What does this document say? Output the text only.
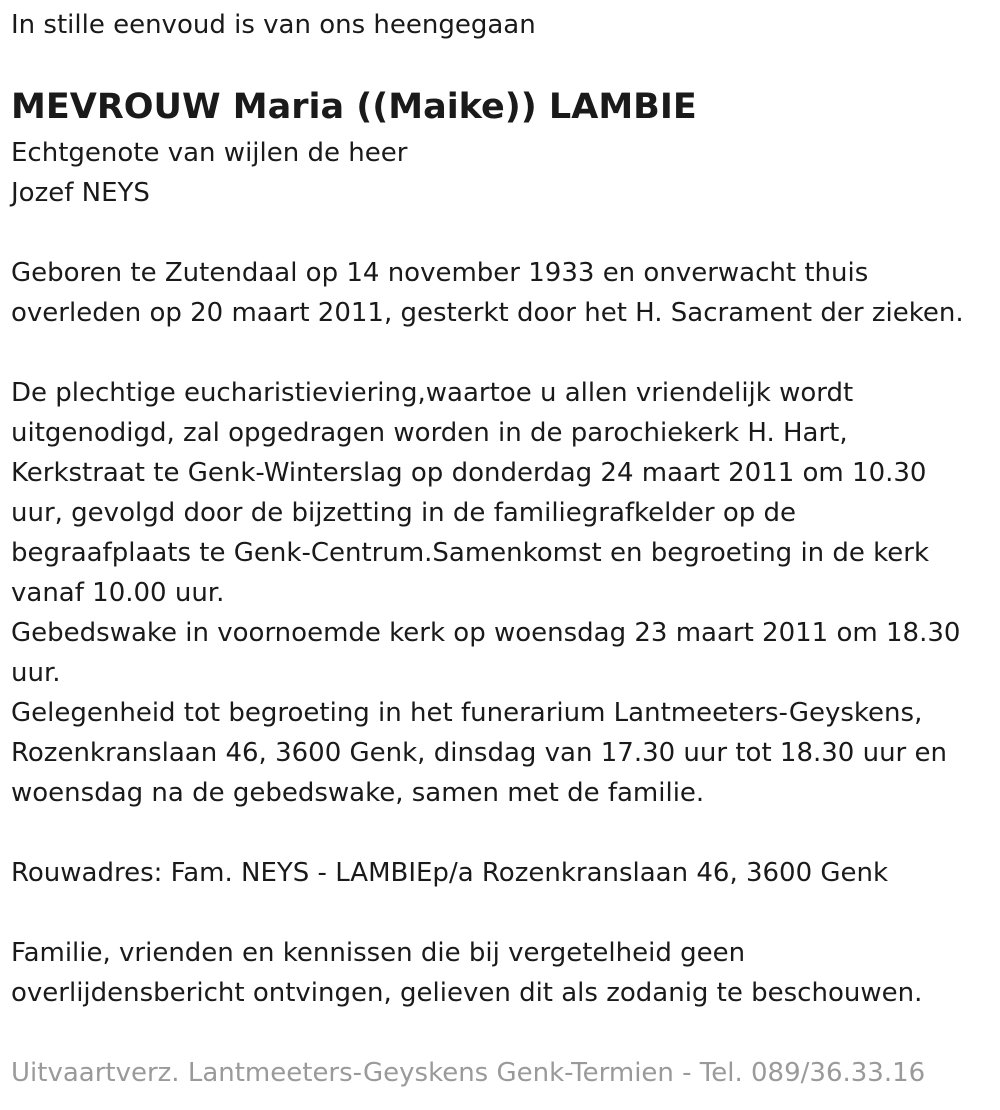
In stille eenvoud is van ons heengegaan
MEVROUW Maria ((Maike)) LAMBIE
Echtgenote van wijlen de heer
Jozef NEYS
Geboren te Zutendaal op 14 november 1933 en onverwacht thuis
overleden op 20 maart 2011, gesterkt door het H. Sacrament der zieken.
De plechtige eucharistieviering,waartoe u allen vriendelijk wordt
uitgenodigd, zal opgedragen worden in de parochiekerk H. Hart,
Kerkstraat te Genk-Winterslag op donderdag 24 maart 2011 om 10.30
uur, gevolgd door de bijzetting in de familiegrafkelder op de
begraafplaats te Genk-Centrum.Samenkomst en begroeting in de kerk
vanaf 10.00 uur.
Gebedswake in voornoemde kerk op woensdag 23 maart 2011 om 18.30
uur.
Gelegenheid tot begroeting in het funerarium Lantmeeters-Geyskens,
Rozenkranslaan 46, 3600 Genk, dinsdag van 17.30 uur tot 18.30 uur en
woensdag na de gebedswake, samen met de familie.
Rouwadres: Fam. NEYS - LAMBIEp/a Rozenkranslaan 46, 3600 Genk
Familie, vrienden en kennissen die bij vergetelheid geen
overlijdensbericht ontvingen, gelieven dit als zodanig te beschouwen.
Uitvaartverz. Lantmeeters-Geyskens Genk-Termien - Tel. 089/36.33.16
